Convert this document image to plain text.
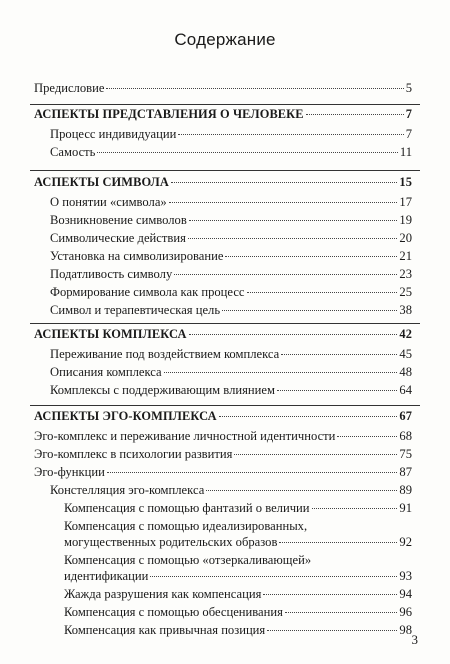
Содержание
Предисловие	5
АСПЕКТЫ ПРЕДСТАВЛЕНИЯ О ЧЕЛОВЕКЕ	7
Процесс индивидуации	7
Самость	11
АСПЕКТЫ СИМВОЛА	15
О понятии «символа»	17
Возникновение символов	19
Символические действия	20
Установка на символизирование	21
Податливость символу	23
Формирование символа как процесс	25
Символ и терапевтическая цель	38
АСПЕКТЫ КОМПЛЕКСА	42
Переживание под воздействием комплекса	45
Описания комплекса	48
Комплексы с поддерживающим влиянием	64
АСПЕКТЫ ЭГО-КОМПЛЕКСА	67
Эго-комплекс и переживание личностной идентичности	68
Эго-комплекс в психологии развития	75
Эго-функции	87
Констелляция эго-комплекса	89
Компенсация с помощью фантазий о величии	91
Компенсация с помощью идеализированных,
могущественных родительских образов	92
Компенсация с помощью «отзеркаливающей»
идентификации	93
Жажда разрушения как компенсация	94
Компенсация с помощью обесценивания	96
Компенсация как привычная позиция	98
3
